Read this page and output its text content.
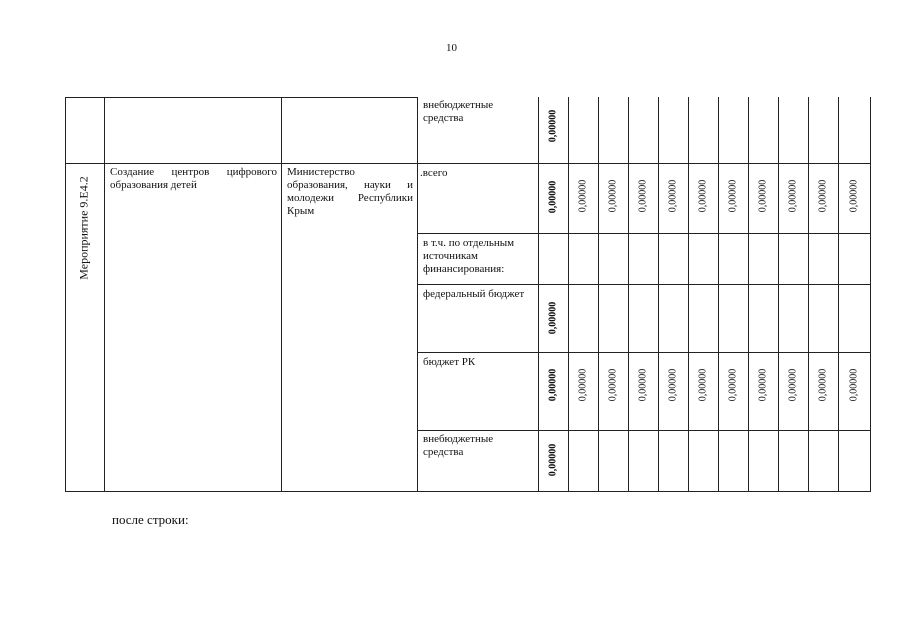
10
внебюджетные средства	0,00000
Мероприятие 9.Е4.2
Создание центров цифрового образования детей
Министерство образования, науки и молодежи Республики Крым
.всего
0,00000 0,00000 0,00000 0,00000 0,00000 0,00000 0,00000 0,00000 0,00000 0,00000 0,00000
в т.ч. по отдельным источникам финансирования:
федеральный бюджет
0,00000
бюджет РК
0,00000 0,00000 0,00000 0,00000 0,00000 0,00000 0,00000 0,00000 0,00000 0,00000 0,00000
внебюджетные средства	0,00000
после строки:
